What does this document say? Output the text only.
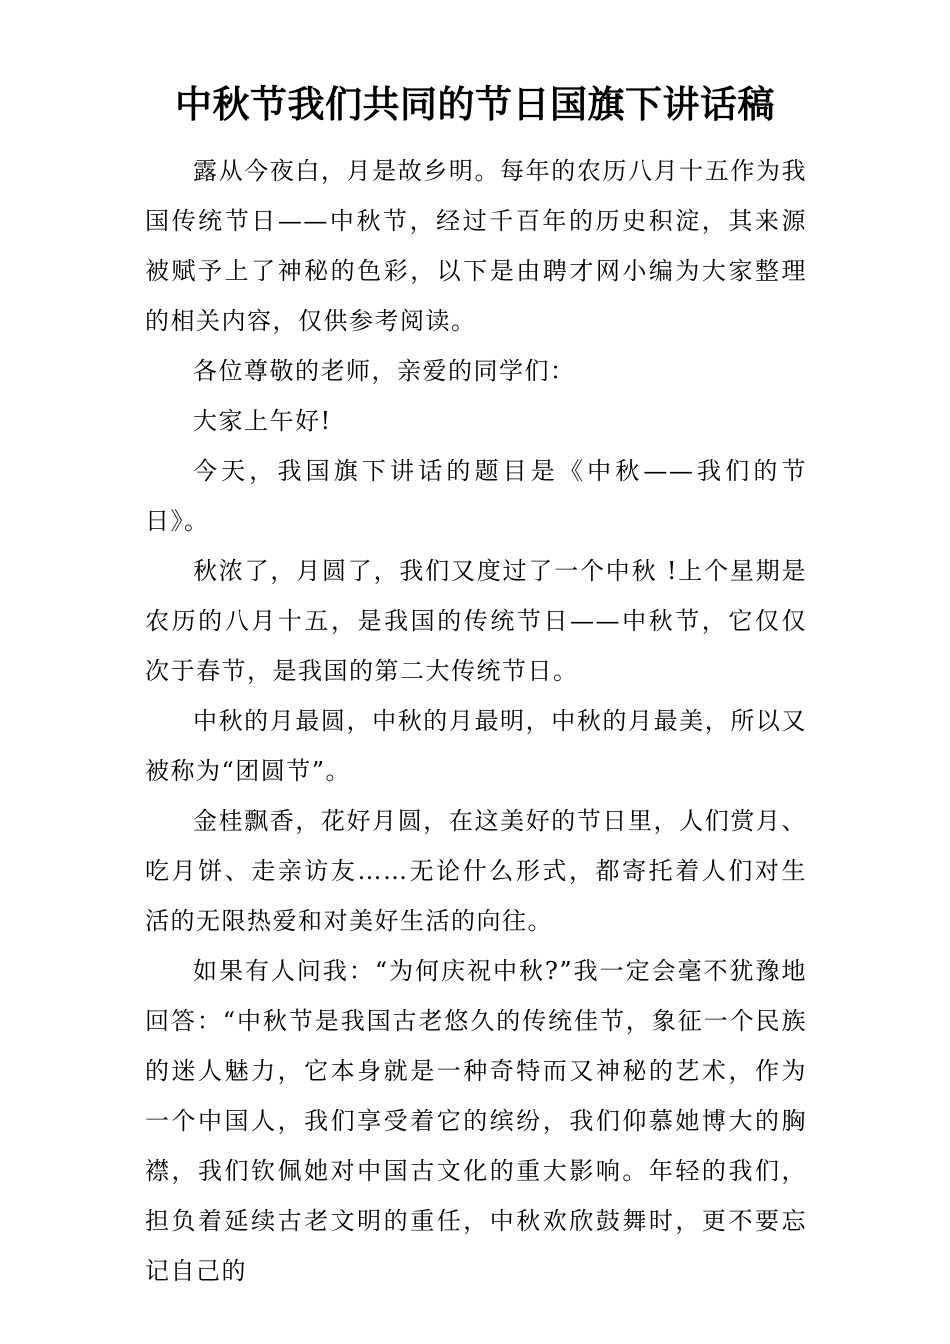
中秋节我们共同的节日国旗下讲话稿

露从今夜白，月是故乡明。每年的农历八月十五作为我国传统节日——中秋节，经过千百年的历史积淀，其来源被赋予上了神秘的色彩，以下是由聘才网小编为大家整理的相关内容，仅供参考阅读。

各位尊敬的老师，亲爱的同学们：

大家上午好!

今天，我国旗下讲话的题目是《中秋——我们的节日》。

秋浓了，月圆了，我们又度过了一个中秋 !上个星期是农历的八月十五，是我国的传统节日——中秋节，它仅仅次于春节，是我国的第二大传统节日。

中秋的月最圆，中秋的月最明，中秋的月最美，所以又被称为“团圆节”。

金桂飘香，花好月圆，在这美好的节日里，人们赏月、吃月饼、走亲访友……无论什么形式，都寄托着人们对生活的无限热爱和对美好生活的向往。

如果有人问我：“为何庆祝中秋?”我一定会毫不犹豫地回答：“中秋节是我国古老悠久的传统佳节，象征一个民族的迷人魅力，它本身就是一种奇特而又神秘的艺术，作为一个中国人，我们享受着它的缤纷，我们仰慕她博大的胸襟，我们钦佩她对中国古文化的重大影响。年轻的我们，担负着延续古老文明的重任，中秋欢欣鼓舞时，更不要忘记自己的
